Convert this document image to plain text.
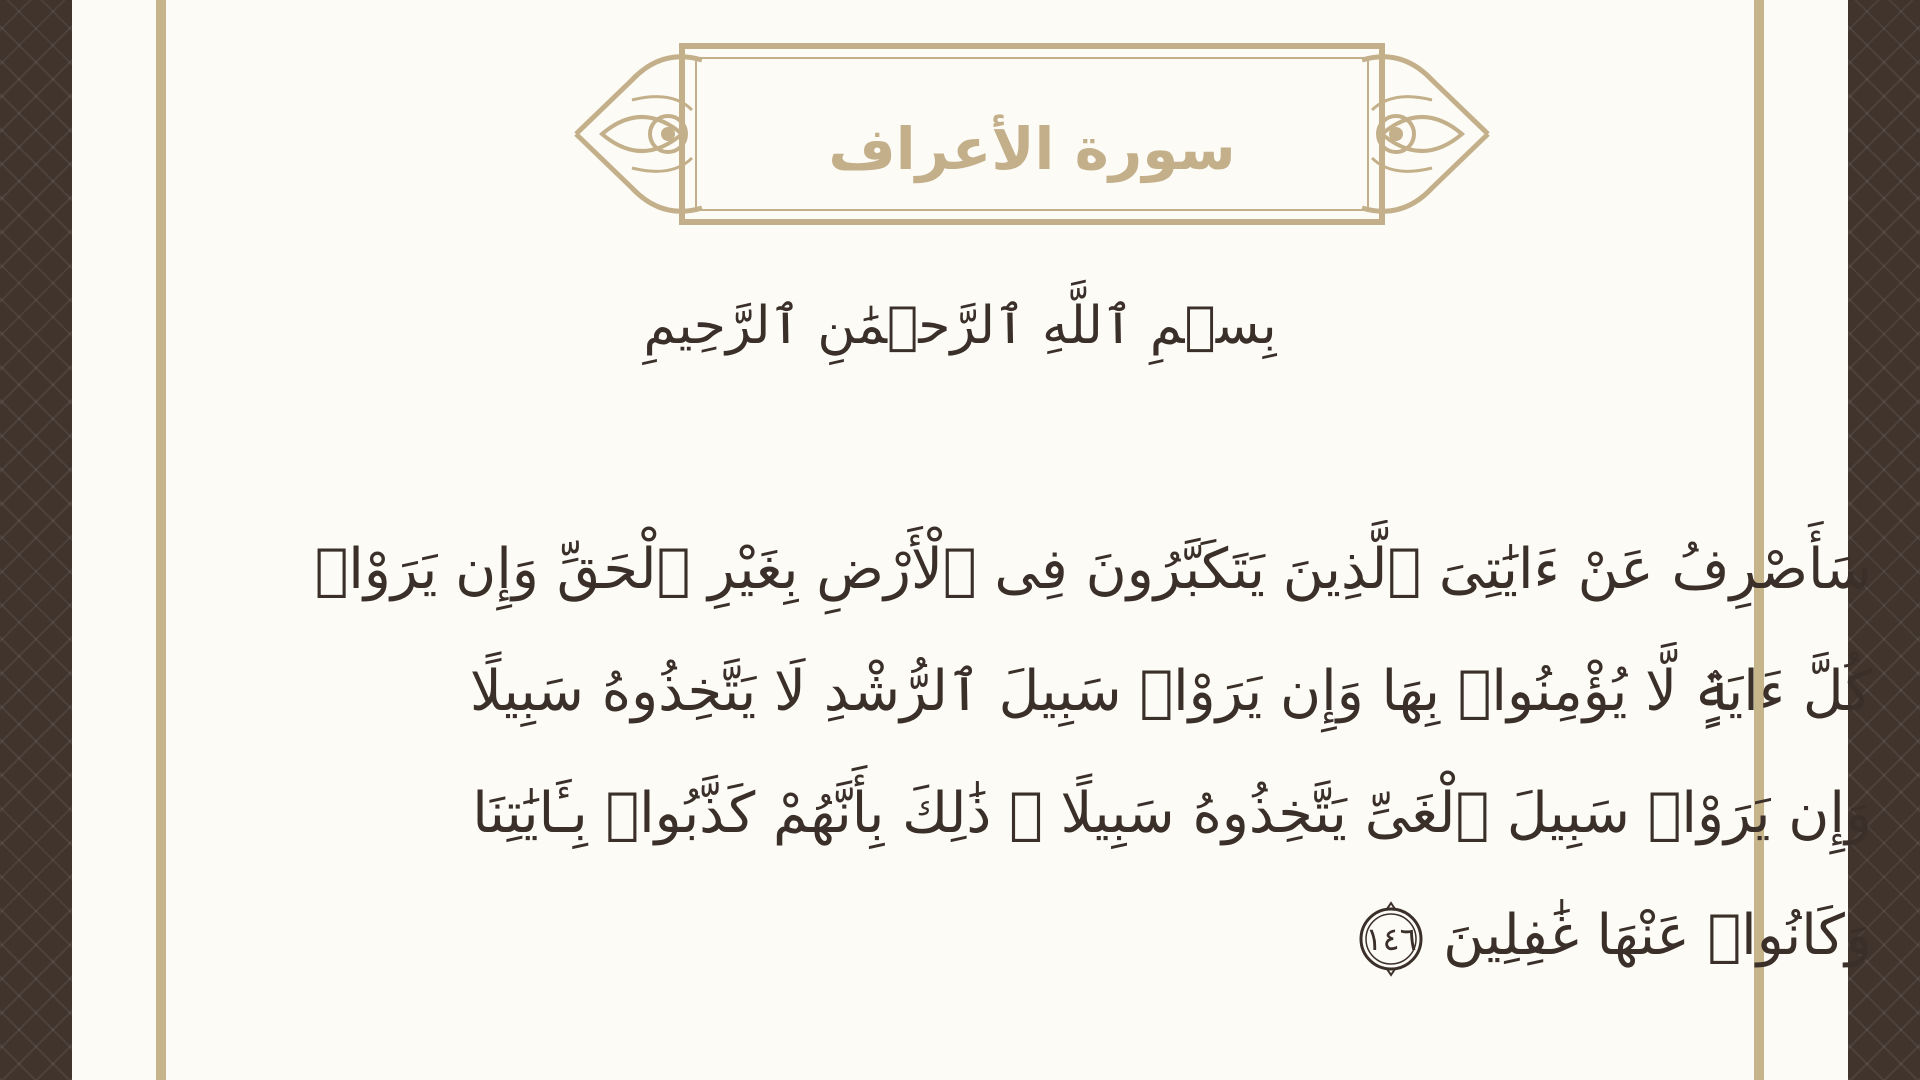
سورة الأعراف
بِسۡمِ ٱللَّهِ ٱلرَّحۡمَٰنِ ٱلرَّحِيمِ
سَأَصْرِفُ عَنْ ءَايَٰتِىَ ٱلَّذِينَ يَتَكَبَّرُونَ فِى ٱلْأَرْضِ بِغَيْرِ ٱلْحَقِّ وَإِن يَرَوْا۟
كُلَّ ءَايَةٍۢ لَّا يُؤْمِنُوا۟ بِهَا وَإِن يَرَوْا۟ سَبِيلَ ٱلرُّشْدِ لَا يَتَّخِذُوهُ سَبِيلًا
وَإِن يَرَوْا۟ سَبِيلَ ٱلْغَىِّ يَتَّخِذُوهُ سَبِيلًا ۚ ذَٰلِكَ بِأَنَّهُمْ كَذَّبُوا۟ بِـَٔايَٰتِنَا
وَكَانُوا۟ عَنْهَا غَٰفِلِينَ
١٤٦
